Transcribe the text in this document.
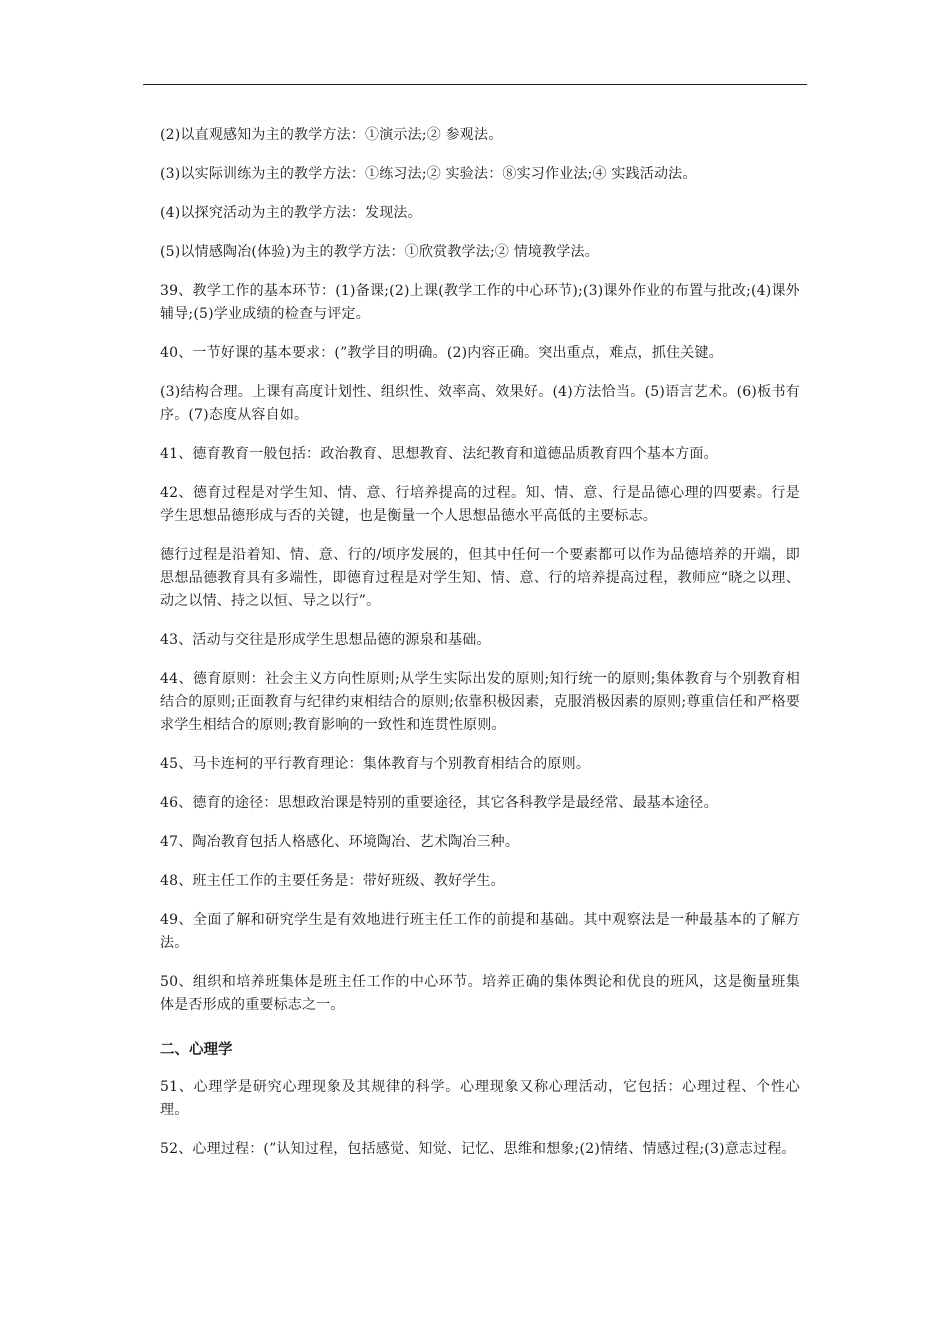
(2)以直观感知为主的教学方法：①演示法;② 参观法。

(3)以实际训练为主的教学方法：①练习法;② 实验法：⑧实习作业法;④ 实践活动法。

(4)以探究活动为主的教学方法：发现法。

(5)以情感陶冶(体验)为主的教学方法：①欣赏教学法;② 情境教学法。

39、教学工作的基本环节：(1)备课;(2)上课(教学工作的中心环节);(3)课外作业的布置与批改;(4)课外辅导;(5)学业成绩的检查与评定。

40、一节好课的基本要求：(”教学目的明确。(2)内容正确。突出重点，难点，抓住关键。

(3)结构合理。上课有高度计划性、组织性、效率高、效果好。(4)方法恰当。(5)语言艺术。(6)板书有序。(7)态度从容自如。

41、德育教育一般包括：政治教育、思想教育、法纪教育和道德品质教育四个基本方面。

42、德育过程是对学生知、情、意、行培养提高的过程。知、情、意、行是品德心理的四要素。行是学生思想品德形成与否的关键，也是衡量一个人思想品德水平高低的主要标志。

德行过程是沿着知、情、意、行的/顷序发展的，但其中任何一个要素都可以作为品德培养的开端，即思想品德教育具有多端性，即德育过程是对学生知、情、意、行的培养提高过程，教师应“晓之以理、动之以情、持之以恒、导之以行”。

43、活动与交往是形成学生思想品德的源泉和基础。

44、德育原则：社会主义方向性原则;从学生实际出发的原则;知行统一的原则;集体教育与个别教育相结合的原则;正面教育与纪律约束相结合的原则;依靠积极因素，克服消极因素的原则;尊重信任和严格要求学生相结合的原则;教育影响的一致性和连贯性原则。

45、马卡连柯的平行教育理论：集体教育与个别教育相结合的原则。

46、德育的途径：思想政治课是特别的重要途径，其它各科教学是最经常、最基本途径。

47、陶冶教育包括人格感化、环境陶冶、艺术陶冶三种。

48、班主任工作的主要任务是：带好班级、教好学生。

49、全面了解和研究学生是有效地进行班主任工作的前提和基础。其中观察法是一种最基本的了解方法。

50、组织和培养班集体是班主任工作的中心环节。培养正确的集体舆论和优良的班风，这是衡量班集体是否形成的重要标志之一。

二、心理学

51、心理学是研究心理现象及其规律的科学。心理现象又称心理活动，它包括：心理过程、个性心理。

52、心理过程：(”认知过程，包括感觉、知觉、记忆、思维和想象;(2)情绪、情感过程;(3)意志过程。
